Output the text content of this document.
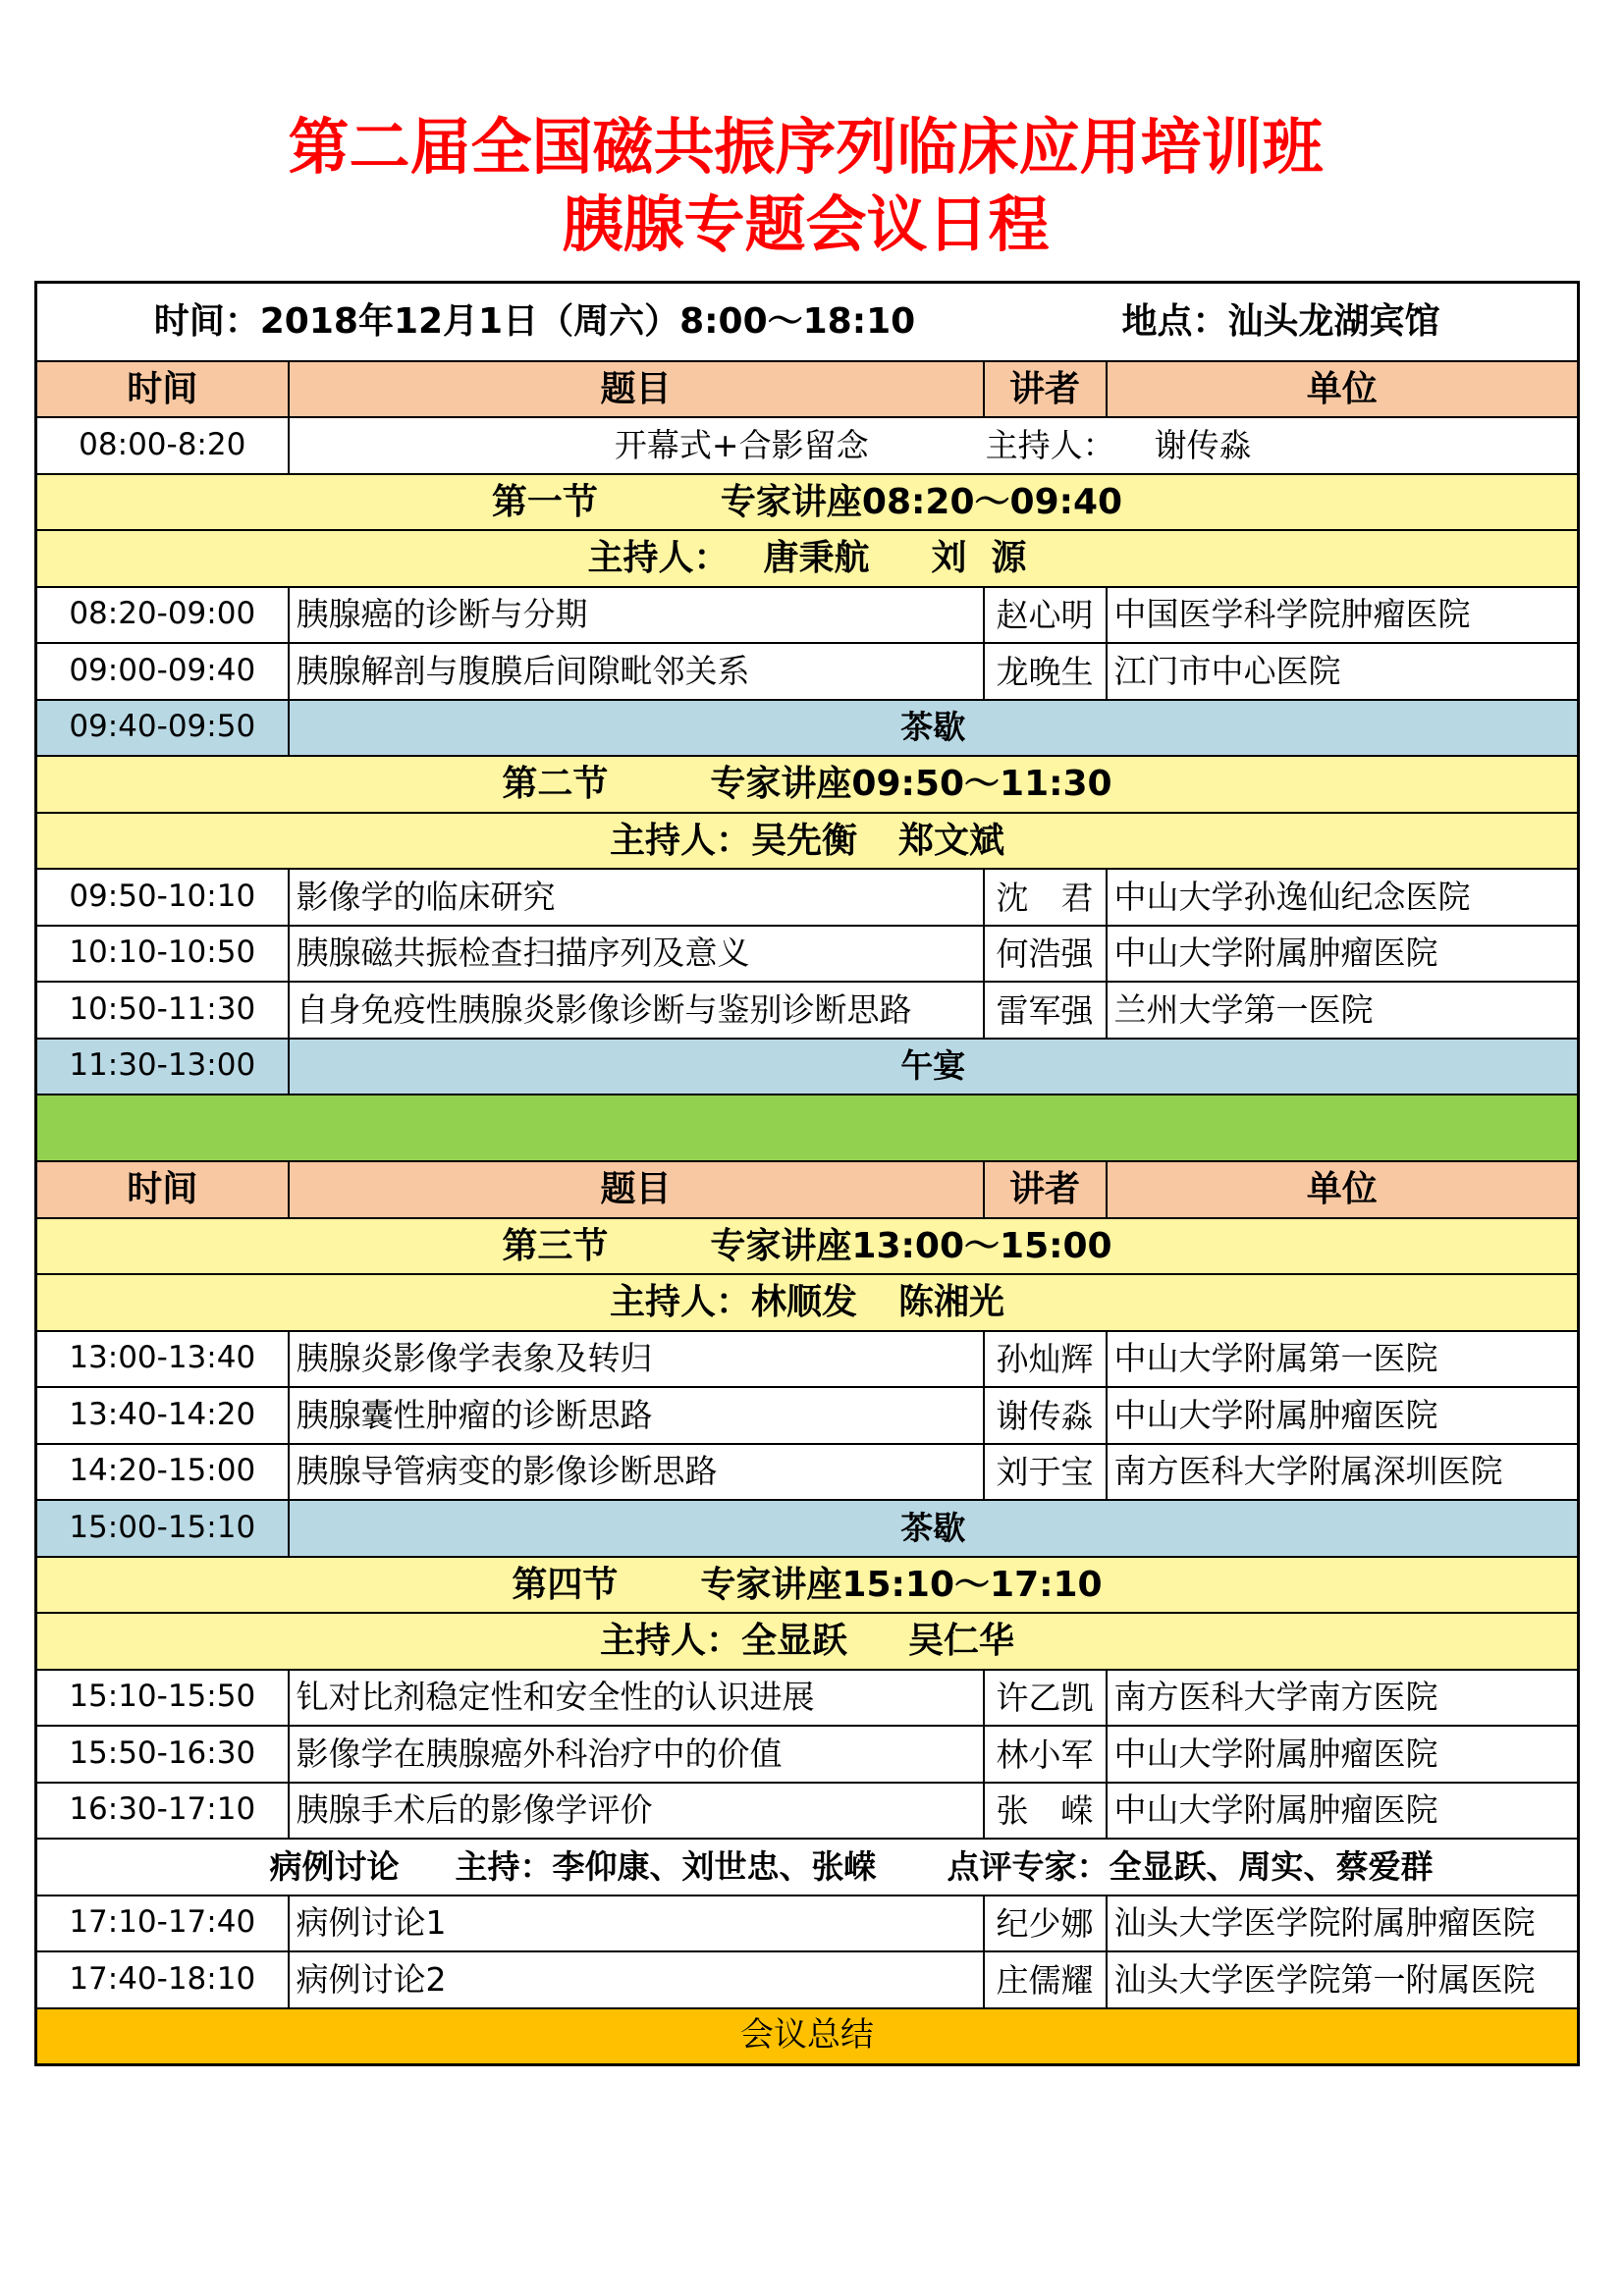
第二届全国磁共振序列临床应用培训班
胰腺专题会议日程
时间：2018年12月1日（周六）8:00～18:10 地点：汕头龙湖宾馆			

时间	题目	讲者	单位
08:00-8:20	开幕式+合影留念 主持人： 谢传淼		

第一节 专家讲座08:20～09:40			

主持人： 唐秉航 刘  源			

08:20-09:00	胰腺癌的诊断与分期	赵心明	中国医学科学院肿瘤医院
09:00-09:40	胰腺解剖与腹膜后间隙毗邻关系	龙晚生	江门市中心医院
09:40-09:50	茶歇		

第二节 专家讲座09:50～11:30			

主持人： 吴先衡 郑文斌			

09:50-10:10	影像学的临床研究	沈 君	中山大学孙逸仙纪念医院
10:10-10:50	胰腺磁共振检查扫描序列及意义	何浩强	中山大学附属肿瘤医院
10:50-11:30	自身免疫性胰腺炎影像诊断与鉴别诊断思路	雷军强	兰州大学第一医院
11:30-13:00	午宴		

时间	题目	讲者	单位

第三节 专家讲座13:00～15:00			

主持人： 林顺发 陈湘光			

13:00-13:40	胰腺炎影像学表象及转归	孙灿辉	中山大学附属第一医院
13:40-14:20	胰腺囊性肿瘤的诊断思路	谢传淼	中山大学附属肿瘤医院
14:20-15:00	胰腺导管病变的影像诊断思路	刘于宝	南方医科大学附属深圳医院
15:00-15:10	茶歇		

第四节 专家讲座15:10～17:10			

主持人： 全显跃 吴仁华			

15:10-15:50	钆对比剂稳定性和安全性的认识进展	许乙凯	南方医科大学南方医院
15:50-16:30	影像学在胰腺癌外科治疗中的价值	林小军	中山大学附属肿瘤医院
16:30-17:10	胰腺手术后的影像学评价	张 嵘	中山大学附属肿瘤医院

病例讨论 主持：李仰康、刘世忠、张嵘 点评专家：全显跃、周实、蔡爱群			

17:10-17:40	病例讨论1	纪少娜	汕头大学医学院附属肿瘤医院
17:40-18:10	病例讨论2	庄儒耀	汕头大学医学院第一附属医院
会议总结			
